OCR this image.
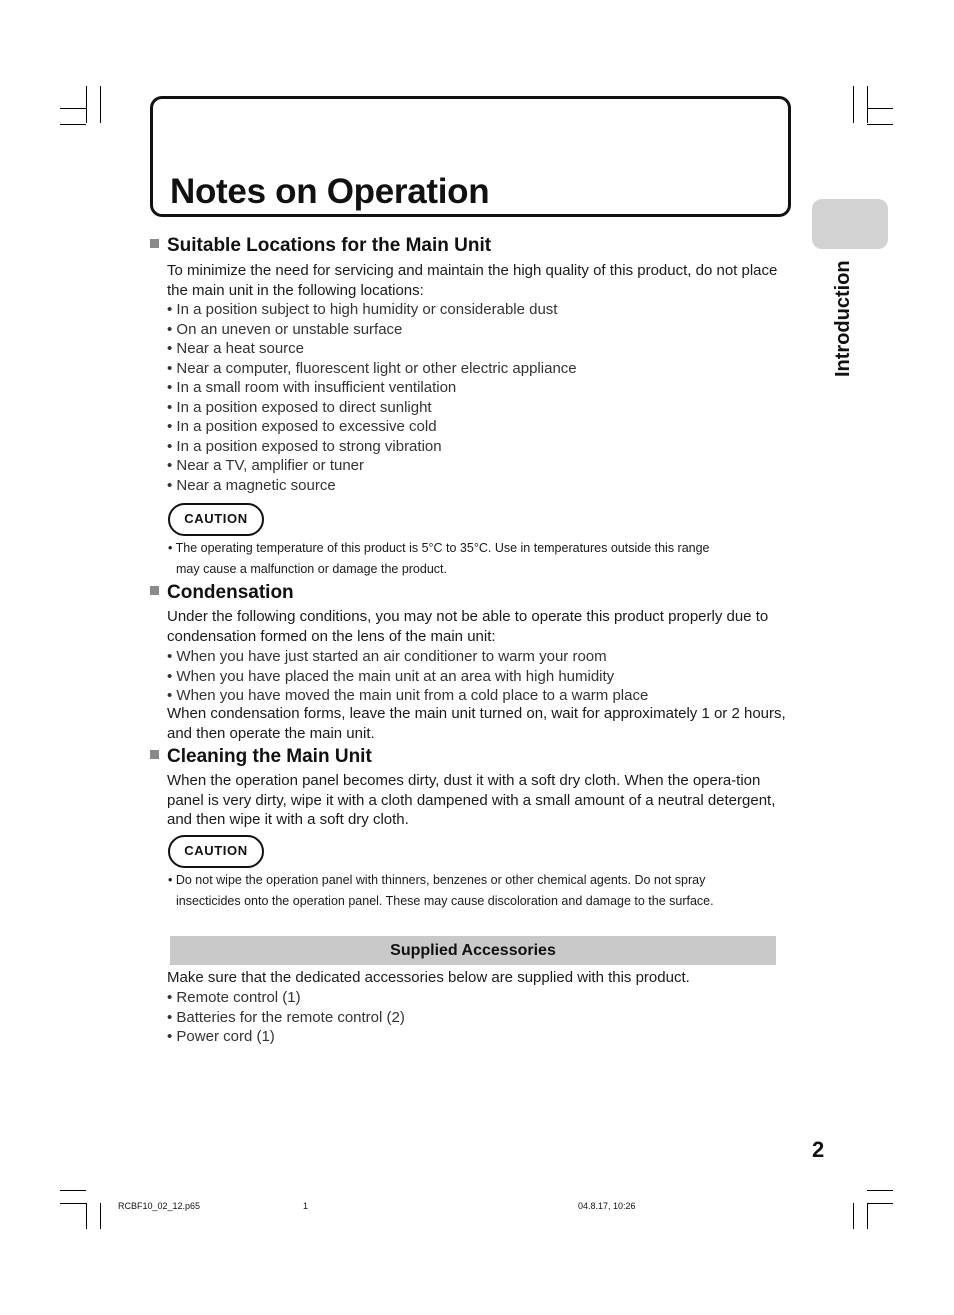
Notes on Operation
Introduction
Suitable Locations for the Main Unit
To minimize the need for servicing and maintain the high quality of this product, do not place the main unit in the following locations:
• In a position subject to high humidity or considerable dust
• On an uneven or unstable surface
• Near a heat source
• Near a computer, fluorescent light or other electric appliance
• In a small room with insufficient ventilation
• In a position exposed to direct sunlight
• In a position exposed to excessive cold
• In a position exposed to strong vibration
• Near a TV, amplifier or tuner
• Near a magnetic source
CAUTION
• The operating temperature of this product is 5°C to 35°C. Use in temperatures outside this range
may cause a malfunction or damage the product.
Condensation
Under the following conditions, you may not be able to operate this product properly due to condensation formed on the lens of the main unit:
• When you have just started an air conditioner to warm your room
• When you have placed the main unit at an area with high humidity
• When you have moved the main unit from a cold place to a warm place
When condensation forms, leave the main unit turned on, wait for approximately 1 or 2 hours, and then operate the main unit.
Cleaning the Main Unit
When the operation panel becomes dirty, dust it with a soft dry cloth. When the opera-tion panel is very dirty, wipe it with a cloth dampened with a small amount of a neutral detergent, and then wipe it with a soft dry cloth.
CAUTION
• Do not wipe the operation panel with thinners, benzenes or other chemical agents. Do not spray
insecticides onto the operation panel. These may cause discoloration and damage to the surface.
Supplied Accessories
Make sure that the dedicated accessories below are supplied with this product.
• Remote control (1)
• Batteries for the remote control (2)
• Power cord (1)
2
RCBF10_02_12.p65	1	04.8.17, 10:26
